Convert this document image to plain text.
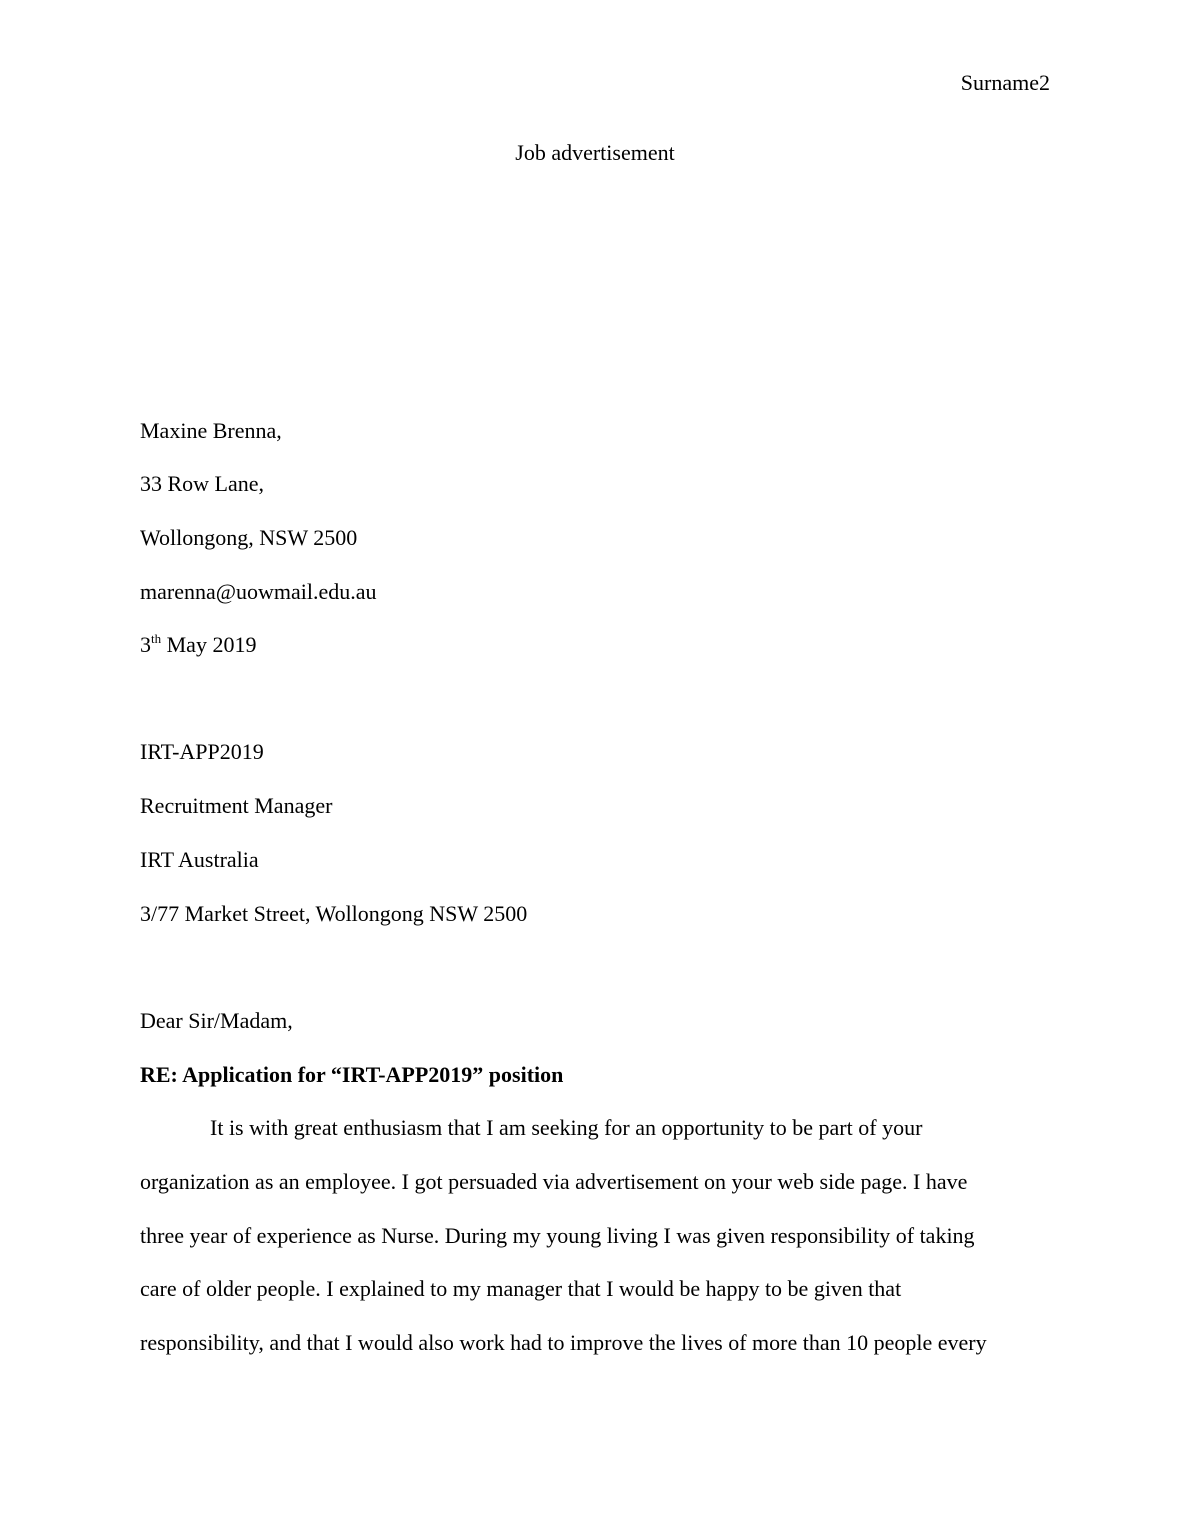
Surname2
Job advertisement
Maxine Brenna,
33 Row Lane,
Wollongong, NSW 2500
marenna@uowmail.edu.au
3th May 2019
IRT-APP2019
Recruitment Manager
IRT Australia
3/77 Market Street, Wollongong NSW 2500
Dear Sir/Madam,
RE: Application for “IRT-APP2019” position
It is with great enthusiasm that I am seeking for an opportunity to be part of your
organization as an employee. I got persuaded via advertisement on your web side page. I have
three year of experience as Nurse. During my young living I was given responsibility of taking
care of older people. I explained to my manager that I would be happy to be given that
responsibility, and that I would also work had to improve the lives of more than 10 people every
